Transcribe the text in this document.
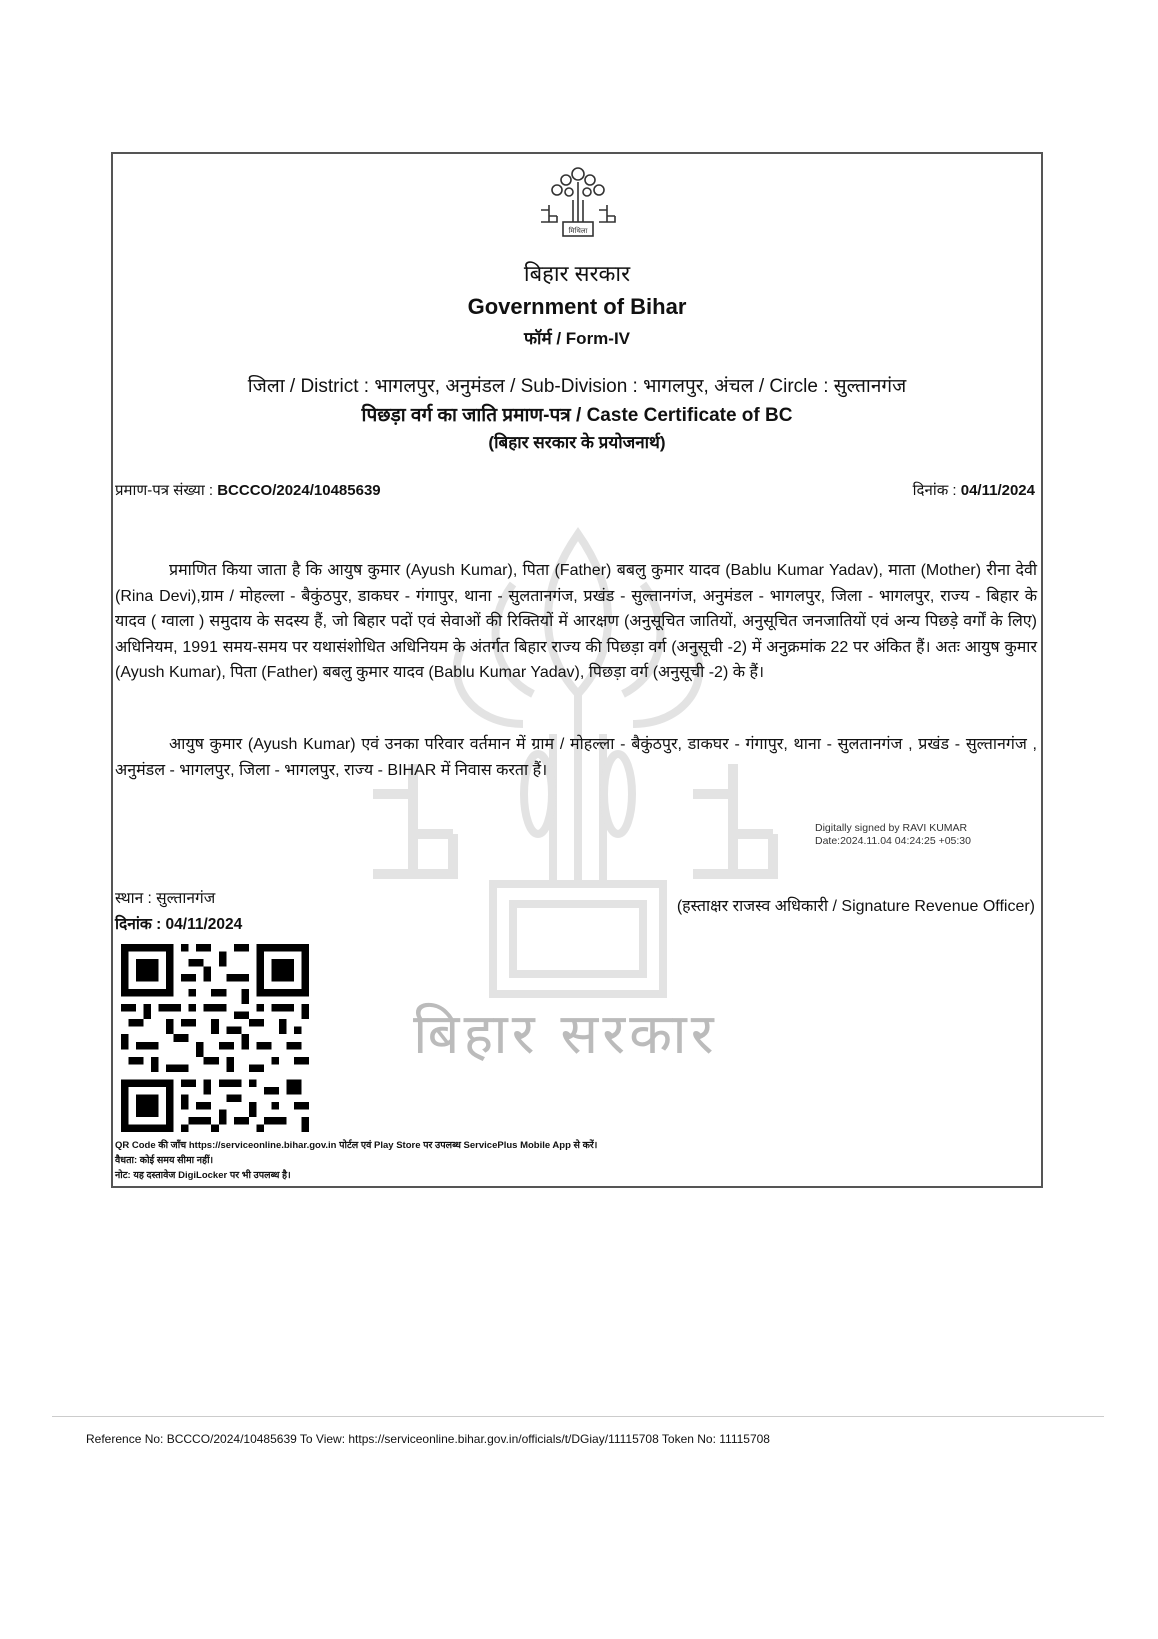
बिहार सरकार
मिथिला
बिहार सरकार
Government of Bihar
फॉर्म / Form-IV
जिला / District : भागलपुर, अनुमंडल / Sub-Division : भागलपुर, अंचल / Circle : सुल्तानगंज
पिछड़ा वर्ग का जाति प्रमाण-पत्र / Caste Certificate of BC
(बिहार सरकार के प्रयोजनार्थ)
प्रमाण-पत्र संख्या : BCCCO/2024/10485639	दिनांक : 04/11/2024
प्रमाणित किया जाता है कि आयुष कुमार (Ayush Kumar), पिता (Father) बबलु कुमार यादव (Bablu Kumar Yadav), माता (Mother) रीना देवी (Rina Devi),ग्राम / मोहल्ला - बैकुंठपुर, डाकघर - गंगापुर, थाना - सुलतानगंज, प्रखंड - सुल्तानगंज, अनुमंडल - भागलपुर, जिला - भागलपुर, राज्य - बिहार के यादव ( ग्वाला ) समुदाय के सदस्य हैं, जो बिहार पदों एवं सेवाओं की रिक्तियों में आरक्षण (अनुसूचित जातियों, अनुसूचित जनजातियों एवं अन्य पिछड़े वर्गों के लिए) अधिनियम, 1991 समय-समय पर यथासंशोधित अधिनियम के अंतर्गत बिहार राज्य की पिछड़ा वर्ग (अनुसूची -2) में अनुक्रमांक 22 पर अंकित हैं। अतः आयुष कुमार (Ayush Kumar), पिता (Father) बबलु कुमार यादव (Bablu Kumar Yadav), पिछड़ा वर्ग (अनुसूची -2) के हैं।
आयुष कुमार (Ayush Kumar) एवं उनका परिवार वर्तमान में ग्राम / मोहल्ला - बैकुंठपुर, डाकघर - गंगापुर, थाना - सुलतानगंज , प्रखंड - सुल्तानगंज , अनुमंडल - भागलपुर, जिला - भागलपुर, राज्य - BIHAR में निवास करता हैं।
Digitally signed by RAVI KUMAR
Date:2024.11.04 04:24:25 +05:30
स्थान : सुल्तानगंज
दिनांक : 04/11/2024
(हस्ताक्षर राजस्व अधिकारी / Signature Revenue Officer)
QR Code की जाँच https://serviceonline.bihar.gov.in पोर्टल एवं Play Store पर उपलब्ध ServicePlus Mobile App से करें।
वैधता: कोई समय सीमा नहीं।
नोट: यह दस्तावेज DigiLocker पर भी उपलब्ध है।
Reference No: BCCCO/2024/10485639 To View: https://serviceonline.bihar.gov.in/officials/t/DGiay/11115708 Token No: 11115708
